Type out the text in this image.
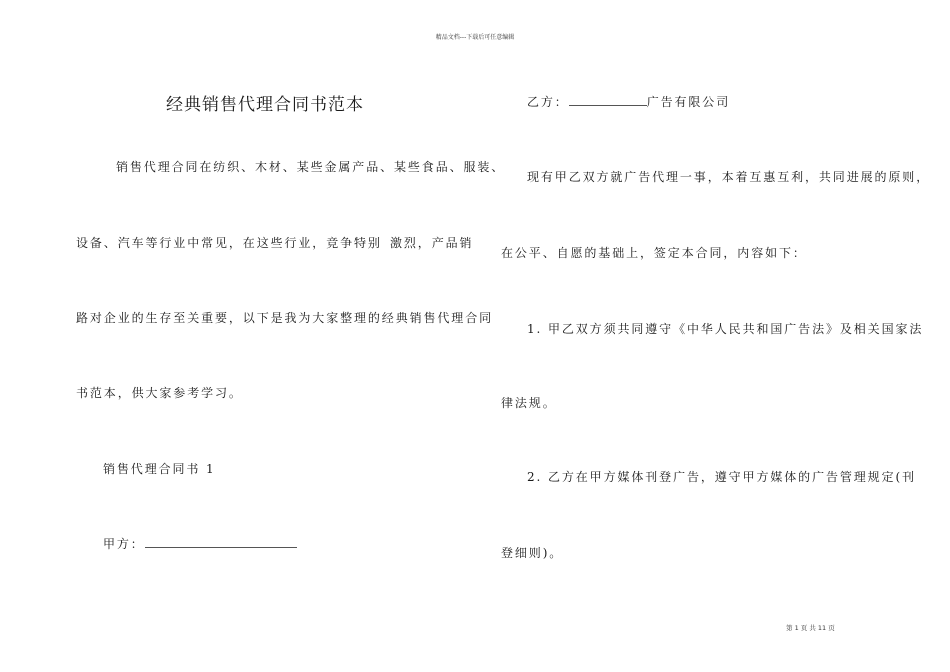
精品文档---下载后可任意编辑
经典销售代理合同书范本
销售代理合同在纺织、木材、某些金属产品、某些食品、服装、
设备、汽车等行业中常见，在这些行业，竞争特别 激烈，产品销
路对企业的生存至关重要，以下是我为大家整理的经典销售代理合同
书范本，供大家参考学习。
销售代理合同书 1
甲方：
乙方：	广告有限公司
现有甲乙双方就广告代理一事，本着互惠互利，共同进展的原则，
在公平、自愿的基础上，签定本合同，内容如下：
1. 甲乙双方须共同遵守《中华人民共和国广告法》及相关国家法
律法规。
2. 乙方在甲方媒体刊登广告，遵守甲方媒体的广告管理规定(刊
登细则)。
第 1 页 共 11 页
